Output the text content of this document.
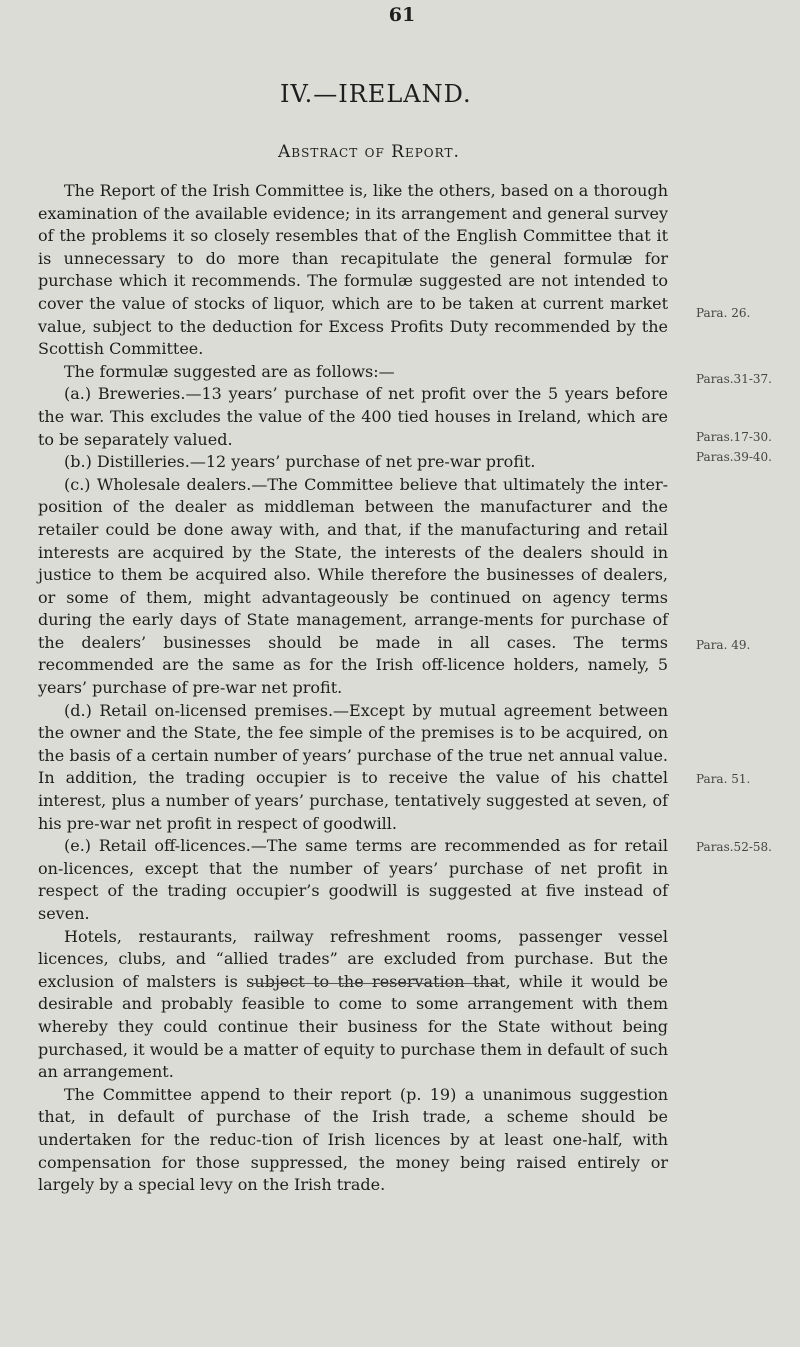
61
IV.—IRELAND.
Abstract of Report.

The Report of the Irish Committee is, like the others, based on a thorough examination of the available evidence; in its arrangement and general survey of the problems it so closely resembles that of the English Committee that it is unnecessary to do more than recapitulate the general formulæ for purchase which it recommends. The formulæ suggested are not intended to cover the value of stocks of liquor, which are to be taken at current market value, subject to the deduction for Excess Profits Duty recommended by the Scottish Committee.

The formulæ suggested are as follows:—

(a.) Breweries.—13 years’ purchase of net profit over the 5 years before the war. This excludes the value of the 400 tied houses in Ireland, which are to be separately valued.

(b.) Distilleries.—12 years’ purchase of net pre-war profit.

(c.) Wholesale dealers.—The Committee believe that ultimately the inter-position of the dealer as middleman between the manufacturer and the retailer could be done away with, and that, if the manufacturing and retail interests are acquired by the State, the interests of the dealers should in justice to them be acquired also. While therefore the businesses of dealers, or some of them, might advantageously be continued on agency terms during the early days of State management, arrange-ments for purchase of the dealers’ businesses should be made in all cases. The terms recommended are the same as for the Irish off-licence holders, namely, 5 years’ purchase of pre-war net profit.

(d.) Retail on-licensed premises.—Except by mutual agreement between the owner and the State, the fee simple of the premises is to be acquired, on the basis of a certain number of years’ purchase of the true net annual value. In addition, the trading occupier is to receive the value of his chattel interest, plus a number of years’ purchase, tentatively suggested at seven, of his pre-war net profit in respect of goodwill.

(e.) Retail off-licences.—The same terms are recommended as for retail on-licences, except that the number of years’ purchase of net profit in respect of the trading occupier’s goodwill is suggested at five instead of seven.

Hotels, restaurants, railway refreshment rooms, passenger vessel licences, clubs, and “allied trades” are excluded from purchase. But the exclusion of malsters is subject to the reservation that, while it would be desirable and probably feasible to come to some arrangement with them whereby they could continue their business for the State without being purchased, it would be a matter of equity to purchase them in default of such an arrangement.

The Committee append to their report (p. 19) a unanimous suggestion that, in default of purchase of the Irish trade, a scheme should be undertaken for the reduc-tion of Irish licences by at least one-half, with compensation for those suppressed, the money being raised entirely or largely by a special levy on the Irish trade.

Para. 26.
Paras.31-37.
Paras.17-30.
Paras.39-40.
Para. 49.
Para. 51.
Paras.52-58.
